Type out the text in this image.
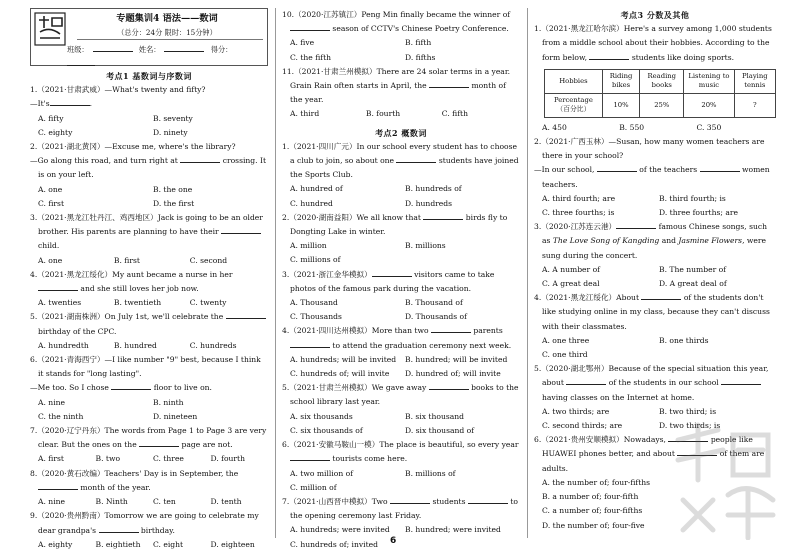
专题集训4 语法——数词
（总分：24分 限时：15分钟）
班级：	姓名：	得分：
考点1 基数词与序数词
1.（2021·甘肃武威）—What's twenty and fifty?
—It's	.
A. fifty	B. seventy
C. eighty	D. ninety
2.（2021·湖北黄冈）—Excuse me, where's the library?
—Go along this road, and turn right at	crossing. It is on your left.
A. one	B. the one
C. first	D. the first
3.（2021·黑龙江牡丹江、鸡西地区）Jack is going to be an older brother. His parents are planning to have their  child.
A. one	B. first	C. second
4.（2021·黑龙江绥化）My aunt became a nurse in her  and she still loves her job now.
A. twenties	B. twentieth	C. twenty
5.（2021·湖南株洲）On July 1st, we'll celebrate the  birthday of the CPC.
A. hundredth	B. hundred	C. hundreds
6.（2021·青海西宁）—I like number "9" best, because I think it stands for "long lasting".
—Me too. So I chose	floor to live on.
A. nine	B. ninth
C. the ninth	D. nineteen
7.（2020·辽宁丹东）The words from Page 1 to Page 3 are very clear. But the ones on the	page are not.
A. first	B. two	C. three	D. fourth
8.（2020·黄石改编）Teachers' Day is in September, the  month of the year.
A. nine	B. Ninth	C. ten	D. tenth
9.（2020·贵州黔南）Tomorrow we are going to celebrate my dear grandpa's	birthday.
A. eighty	B. eightieth	C. eight	D. eighteen
10.（2020·江苏镇江）Peng Min finally became the winner of  season of CCTV's Chinese Poetry Conference.
A. five	B. fifth
C. the fifth	D. fifths
11.（2021·甘肃兰州模拟）There are 24 solar terms in a year. Grain Rain often starts in April, the	month of the year.
A. third	B. fourth	C. fifth
考点2 概数词
1.（2021·四川广元）In our school every student has to choose a club to join, so about one	students have joined the Sports Club.
A. hundred of	B. hundreds of
C. hundred	D. hundreds
2.（2020·湖南益阳）We all know that	birds fly to Dongting Lake in winter.
A. million	B. millions
C. millions of
3.（2021·浙江金华模拟）	visitors came to take photos of the famous park during the vacation.
A. Thousand	B. Thousand of
C. Thousands	D. Thousands of
4.（2021·四川达州模拟）More than two	parents  to attend the graduation ceremony next week.
A. hundreds; will be invited	B. hundred; will be invited
C. hundreds of; will invite	D. hundred of; will invite
5.（2021·甘肃兰州模拟）We gave away	books to the school library last year.
A. six thousands	B. six thousand
C. six thousands of	D. six thousand of
6.（2021·安徽马鞍山一模）The place is beautiful, so every year  tourists come here.
A. two million of	B. millions of
C. million of
7.（2021·山西晋中模拟）Two	students	to the opening ceremony last Friday.
A. hundreds; were invited	B. hundred; were invited
C. hundreds of; invited
考点3 分数及其他
1.（2021·黑龙江哈尔滨）Here's a survey among 1,000 students from a middle school about their hobbies. According to the form below,	students like doing sports.
Hobbies	Riding bikes	Reading books	Listening to music	Playing tennis
Percentage（百分比）	10%	25%	20%	?
A. 450	B. 550	C. 350
2.（2021·广西玉林）—Susan, how many women teachers are there in your school?
—In our school,	of the teachers	women teachers.
A. third fourth; are	B. third fourth; is
C. three fourths; is	D. three fourths; are
3.（2020·江苏连云港）	famous Chinese songs, such as The Love Song of Kangding and Jasmine Flowers, were sung during the concert.
A. A number of	B. The number of
C. A great deal	D. A great deal of
4.（2021·黑龙江绥化）About	of the students don't like studying online in my class, because they can't discuss with their classmates.
A. one three	B. one thirds
C. one third
5.（2020·湖北鄂州）Because of the special situation this year, about	of the students in our school  having classes on the Internet at home.
A. two thirds; are	B. two third; is
C. second thirds; are	D. two thirds; is
6.（2021·贵州安顺模拟）Nowadays,	people like HUAWEI phones better, and about	of them are adults.
A. the number of; four-fifths
B. a number of; four-fifth
C. a number of; four-fifths
D. the number of; four-five
6
